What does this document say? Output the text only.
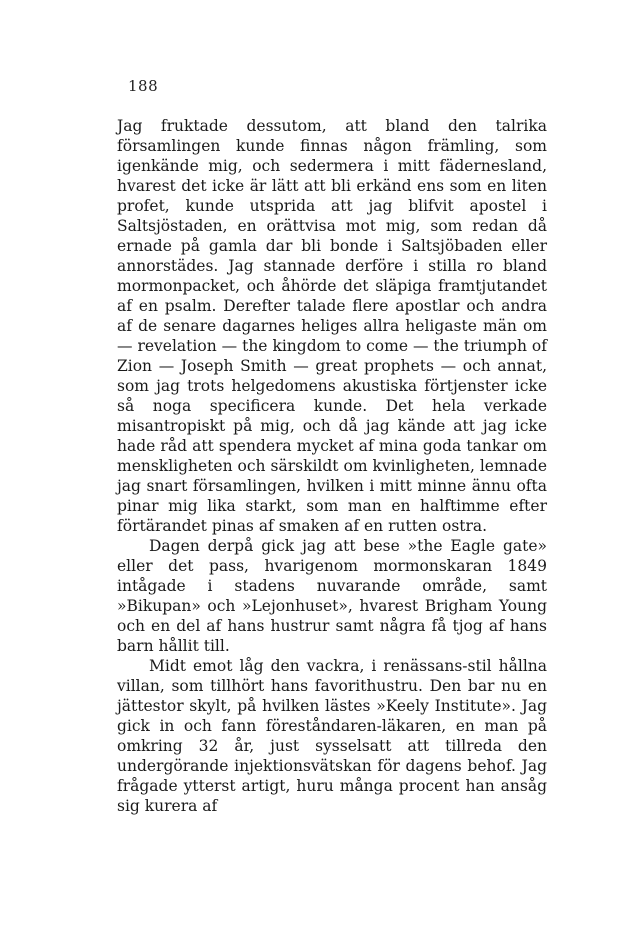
188

Jag fruktade dessutom, att bland den talrika församlingen kunde finnas någon främling, som igenkände mig, och sedermera i mitt fädernesland, hvarest det icke är lätt att bli erkänd ens som en liten profet, kunde utsprida att jag blifvit apostel i Saltsjöstaden, en orättvisa mot mig, som redan då ernade på gamla dar bli bonde i Saltsjöbaden eller annorstädes. Jag stannade derföre i stilla ro bland mormonpacket, och åhörde det släpiga framtjutandet af en psalm. Derefter talade flere apostlar och andra af de senare dagarnes heliges allra heligaste män om — revelation — the kingdom to come — the triumph of Zion — Joseph Smith — great prophets — och annat, som jag trots helgedomens akustiska förtjenster icke så noga speciﬁcera kunde. Det hela verkade misantropiskt på mig, och då jag kände att jag icke hade råd att spendera mycket af mina goda tankar om menskligheten och särskildt om kvinligheten, lemnade jag snart församlingen, hvilken i mitt minne ännu ofta pinar mig lika starkt, som man en halftimme efter förtärandet pinas af smaken af en rutten ostra.

Dagen derpå gick jag att bese »the Eagle gate» eller det pass, hvarigenom mormonskaran 1849 intågade i stadens nuvarande område, samt »Bikupan» och »Lejonhuset», hvarest Brigham Young och en del af hans hustrur samt några få tjog af hans barn hållit till.

Midt emot låg den vackra, i renässans-stil hållna villan, som tillhört hans favorithustru. Den bar nu en jättestor skylt, på hvilken lästes »Keely Institute». Jag gick in och fann föreståndaren-läkaren, en man på omkring 32 år, just sysselsatt att tillreda den undergörande injektionsvätskan för dagens behof. Jag frågade ytterst artigt, huru många procent han ansåg sig kurera af
